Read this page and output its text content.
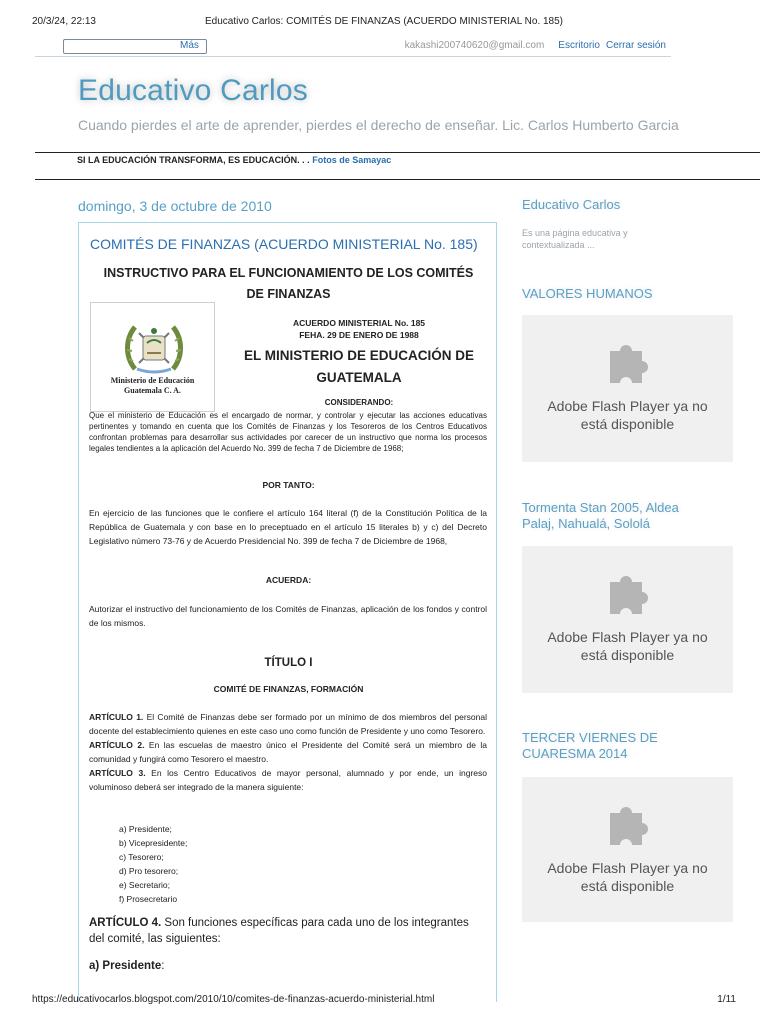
20/3/24, 22:13	Educativo Carlos: COMITÉS DE FINANZAS (ACUERDO MINISTERIAL No. 185)
Más	kakashi200740620@gmail.com Escritorio Cerrar sesión
Educativo Carlos
Cuando pierdes el arte de aprender, pierdes el derecho de enseñar. Lic. Carlos Humberto Garcia
SI LA EDUCACIÓN TRANSFORMA, ES EDUCACIÓN. . . Fotos de Samayac
domingo, 3 de octubre de 2010
COMITÉS DE FINANZAS (ACUERDO MINISTERIAL No. 185)
INSTRUCTIVO PARA EL FUNCIONAMIENTO DE LOS COMITÉS
DE FINANZAS
Ministerio de Educación
Guatemala C. A.
ACUERDO MINISTERIAL No. 185
FEHA. 29 DE ENERO DE 1988
EL MINISTERIO DE EDUCACIÓN DE
GUATEMALA
CONSIDERANDO:
Que el ministerio de Educación es el encargado de normar, y controlar y ejecutar las acciones educativas pertinentes y tomando en cuenta que los Comités de Finanzas y los Tesoreros de los Centros Educativos confrontan problemas para desarrollar sus actividades por carecer de un instructivo que norma los procesos legales tendientes a la aplicación del Acuerdo No. 399 de fecha 7 de Diciembre de 1968;
POR TANTO:
En ejercicio de las funciones que le confiere el artículo 164 literal (f) de la Constitución Política de la República de Guatemala y con base en lo preceptuado en el artículo 15 literales b) y c) del Decreto Legislativo número 73-76 y de Acuerdo Presidencial No. 399 de fecha 7 de Diciembre de 1968,
ACUERDA:
Autorizar el instructivo del funcionamiento de los Comités de Finanzas, aplicación de los fondos y control de los mismos.
TÍTULO I
COMITÉ DE FINANZAS, FORMACIÓN
ARTÍCULO 1. El Comité de Finanzas debe ser formado por un mínimo de dos miembros del personal docente del establecimiento quienes en este caso uno como función de Presidente y uno como Tesorero.
ARTÍCULO 2. En las escuelas de maestro único el Presidente del Comité será un miembro de la comunidad y fungirá como Tesorero el maestro.
ARTÍCULO 3. En los Centro Educativos de mayor personal, alumnado y por ende, un ingreso voluminoso deberá ser integrado de la manera siguiente:
a) Presidente;
b) Vicepresidente;
c) Tesorero;
d) Pro tesorero;
e) Secretario;
f) Prosecretario
ARTÍCULO 4. Son funciones específicas para cada uno de los integrantes del comité, las siguientes:
a) Presidente:
Educativo Carlos
Es una página educativa y contextualizada ...
VALORES HUMANOS
Adobe Flash Player ya no
está disponible
Tormenta Stan 2005, Aldea
Palaj, Nahualá, Sololá
Adobe Flash Player ya no
está disponible
TERCER VIERNES DE
CUARESMA 2014
Adobe Flash Player ya no
está disponible
https://educativocarlos.blogspot.com/2010/10/comites-de-finanzas-acuerdo-ministerial.html	1/11
